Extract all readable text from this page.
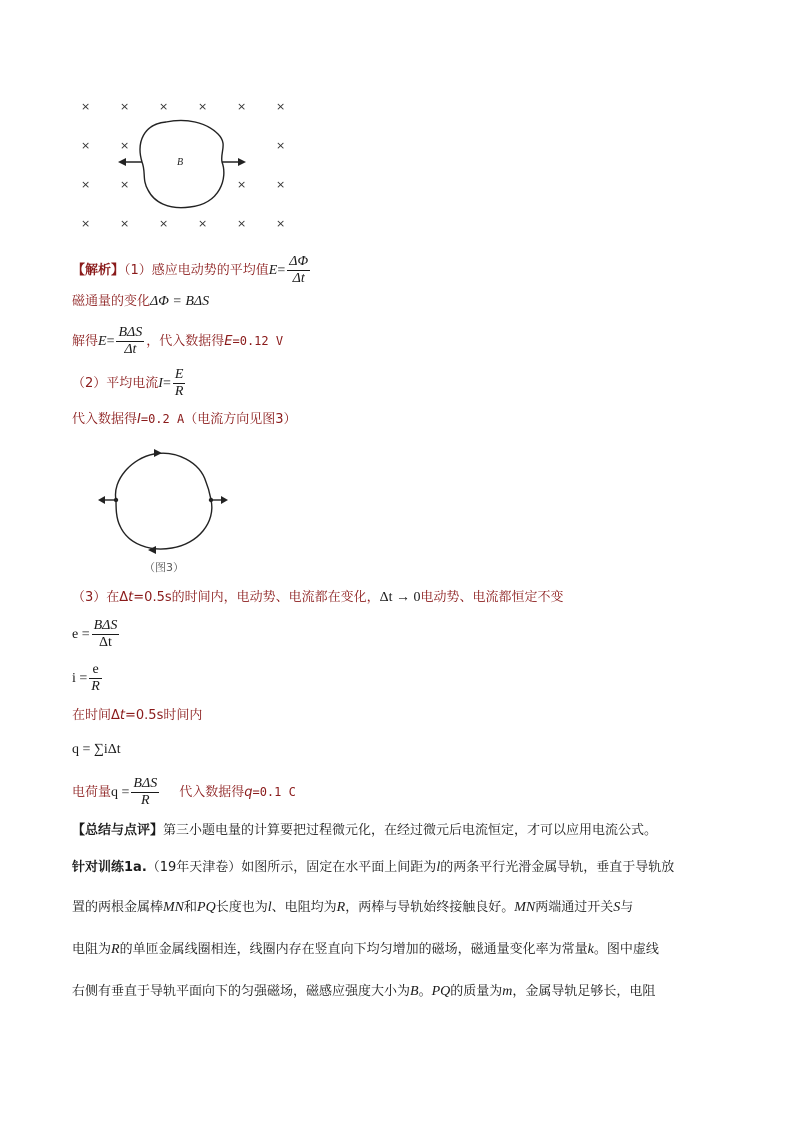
×	×	×	×	×	×
×	×	×
×	×	×	×
×	×	×	×	×	×
B
【解析】（1）感应电动势的平均值$E= \frac{\Delta\Phi}{\Delta t}$
磁通量的变化ΔΦ = BΔS
解得$E= \frac{\text{BΔS}}{\Delta t}$ ，代入数据得E=0.12 V
（2）平均电流$I= \frac{E}{R}$
代入数据得I=0.2 A（电流方向见图3）
（图3）
（3）在Δt=0.5s的时间内，电动势、电流都在变化，Δt → 0电动势、电流都恒定不变
$e = \frac{\text{BΔS}}{\Delta t}$
$i = \frac{e}{R}$
在时间Δt=0.5s时间内
q = ∑iΔt
电荷量$q = \frac{\text{BΔS}}{R}$ 代入数据得q=0.1 C
【总结与点评】第三小题电量的计算要把过程微元化，在经过微元后电流恒定，才可以应用电流公式。
针对训练1a.（19年天津卷）如图所示，固定在水平面上间距为l的两条平行光滑金属导轨，垂直于导轨放
置的两根金属棒MN和PQ长度也为l、电阻均为R，两棒与导轨始终接触良好。MN两端通过开关S与
电阻为R的单匝金属线圈相连，线圈内存在竖直向下均匀增加的磁场，磁通量变化率为常量k。图中虚线
右侧有垂直于导轨平面向下的匀强磁场，磁感应强度大小为B。PQ的质量为m，金属导轨足够长，电阻
